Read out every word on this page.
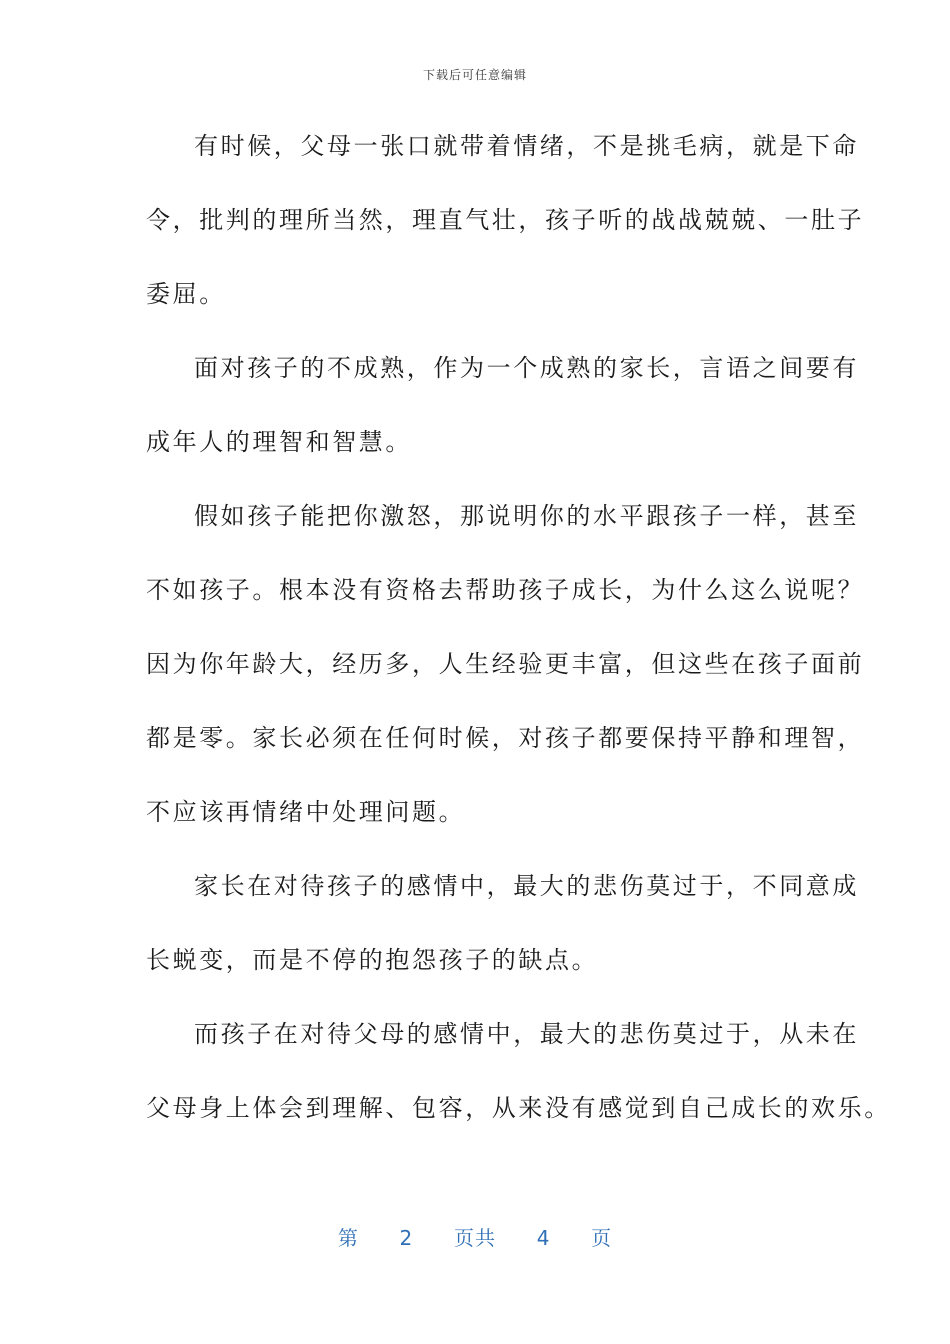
下载后可任意编辑
有时候，父母一张口就带着情绪，不是挑毛病，就是下命
令，批判的理所当然，理直气壮，孩子听的战战兢兢、一肚子
委屈。
面对孩子的不成熟，作为一个成熟的家长，言语之间要有
成年人的理智和智慧。
假如孩子能把你激怒，那说明你的水平跟孩子一样，甚至
不如孩子。根本没有资格去帮助孩子成长，为什么这么说呢？
因为你年龄大，经历多，人生经验更丰富，但这些在孩子面前
都是零。家长必须在任何时候，对孩子都要保持平静和理智，
不应该再情绪中处理问题。
家长在对待孩子的感情中，最大的悲伤莫过于，不同意成
长蜕变，而是不停的抱怨孩子的缺点。
而孩子在对待父母的感情中，最大的悲伤莫过于，从未在
父母身上体会到理解、包容，从来没有感觉到自己成长的欢乐。
第 2 页共 4 页
